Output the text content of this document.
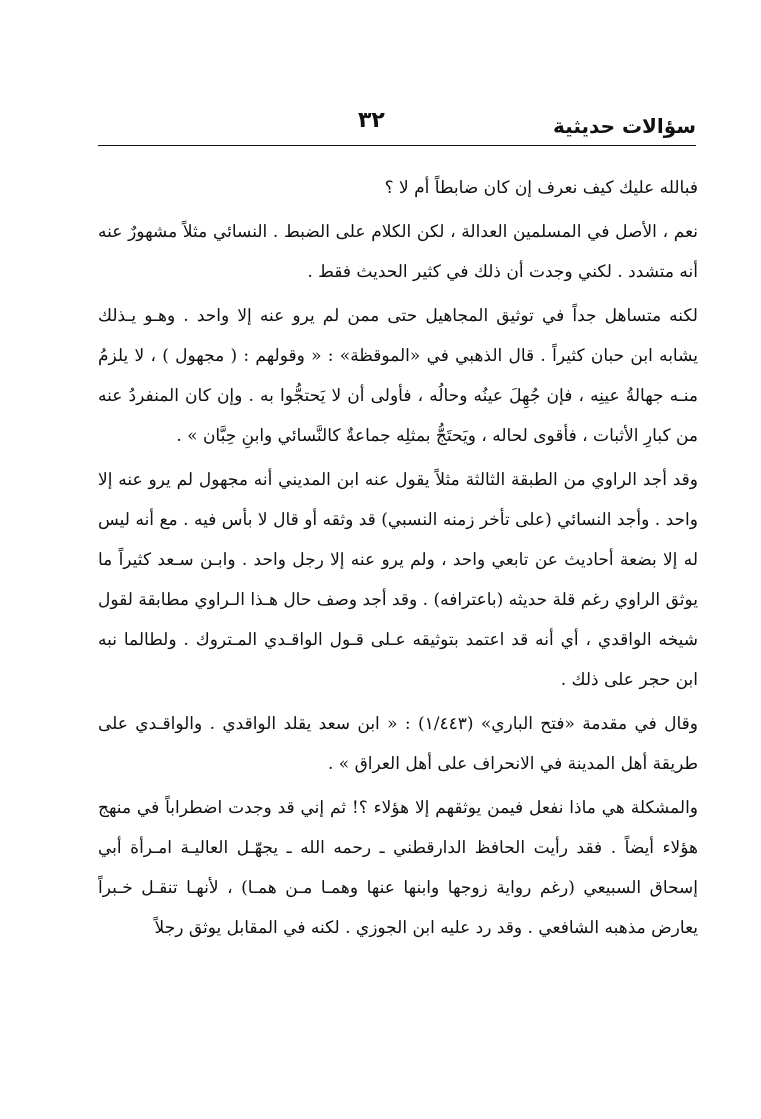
سؤالات حديثية
٣٢

فبالله عليك كيف نعرف إن كان ضابطاً أم لا ؟

نعم ، الأصل في المسلمين العدالة ، لكن الكلام على الضبط . النسائي مثلاً مشهورٌ عنه أنه متشدد . لكني وجدت أن ذلك في كثير الحديث فقط .

لكنه متساهل جداً في توثيق المجاهيل حتى ممن لم يرو عنه إلا واحد . وهـو يـذلك يشابه ابن حبان كثيراً . قال الذهبي في «الموقظة» : « وقولهم : ( مجهول ) ، لا يلزمُ منـه جهالةُ عينِه ، فإن جُهِلَ عينُه وحالُه ، فأولى أن لا يَحتجُّوا به . وإن كان المنفردُ عنه من كبارِ الأثبات ، فأقوى لحاله ، ويَحتَجُّ بمثلِه جماعةٌ كالنَّسائي وابنِ حِبَّان » .

وقد أجد الراوي من الطبقة الثالثة مثلاً يقول عنه ابن المديني أنه مجهول لم يرو عنه إلا واحد . وأجد النسائي (على تأخر زمنه النسبي) قد وثقه أو قال لا بأس فيه . مع أنه ليس له إلا بضعة أحاديث عن تابعي واحد ، ولم يرو عنه إلا رجل واحد . وابـن سـعد كثيراً ما يوثق الراوي رغم قلة حديثه (باعترافه) . وقد أجد وصف حال هـذا الـراوي مطابقة لقول شيخه الواقدي ، أي أنه قد اعتمد بتوثيقه عـلى قـول الواقـدي المـتروك . ولطالما نبه ابن حجر على ذلك .

وقال في مقدمة «فتح الباري» (١/٤٤٣) : « ابن سعد يقلد الواقدي . والواقـدي على طريقة أهل المدينة في الانحراف على أهل العراق » .

والمشكلة هي ماذا نفعل فيمن يوثقهم إلا هؤلاء ؟! ثم إني قد وجدت اضطراباً في منهج هؤلاء أيضاً . فقد رأيت الحافظ الدارقطني ـ رحمه الله ـ يجهّـل العاليـة امـرأة أبي إسحاق السبيعي (رغم رواية زوجها وابنها عنها وهمـا مـن همـا) ، لأنهـا تنقـل خـبراً يعارض مذهبه الشافعي . وقد رد عليه ابن الجوزي . لكنه في المقابل يوثق رجلاً
